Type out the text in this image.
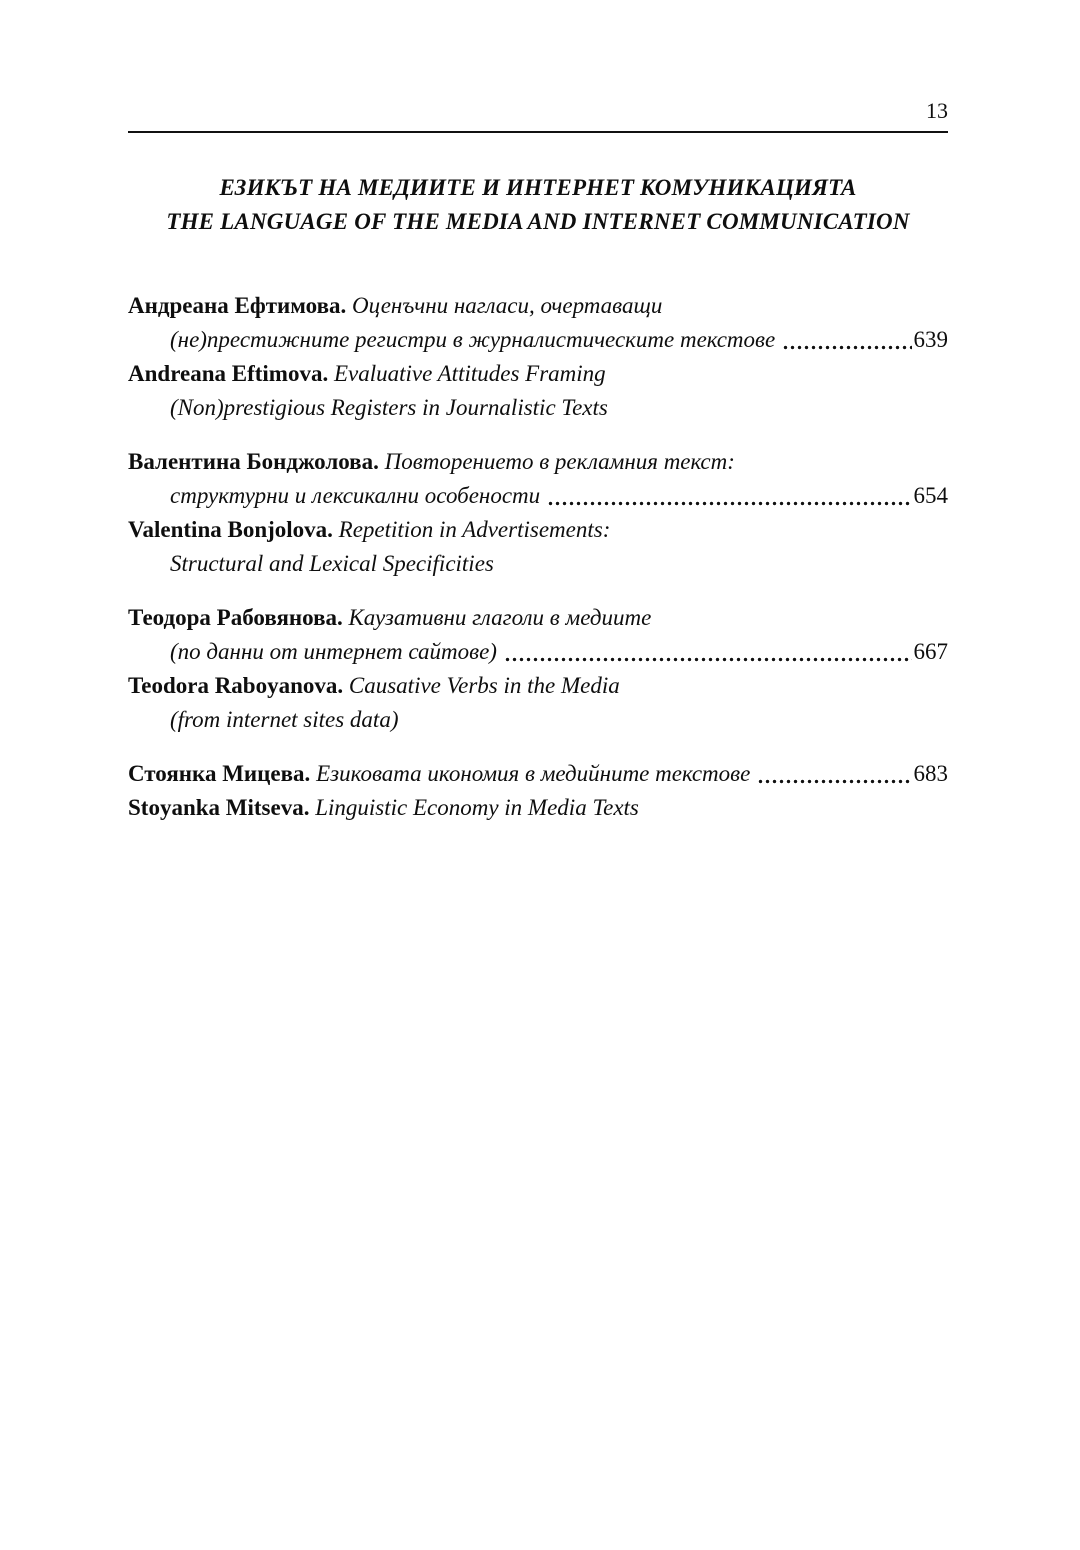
13
ЕЗИКЪТ НА МЕДИИТЕ И ИНТЕРНЕТ КОМУНИКАЦИЯТА
THE LANGUAGE OF THE MEDIA AND INTERNET COMMUNICATION
Андреана Ефтимова. Оценъчни нагласи, очертаващи
(не)престижните регистри в журналистическите текстове	639
Andreana Eftimova. Evaluative Attitudes Framing
(Non)prestigious Registers in Journalistic Texts
Валентина Бонджолова. Повторението в рекламния текст:
структурни и лексикални особености	654
Valentina Bonjolova. Repetition in Advertisements:
Structural and Lexical Specificities
Теодора Рабовянова. Каузативни глаголи в медиите
(по данни от интернет сайтове)	667
Teodora Raboyanova. Causative Verbs in the Media
(from internet sites data)
Стоянка Мицева. Езиковата икономия в медийните текстове	683
Stoyanka Mitseva. Linguistic Economy in Media Texts
